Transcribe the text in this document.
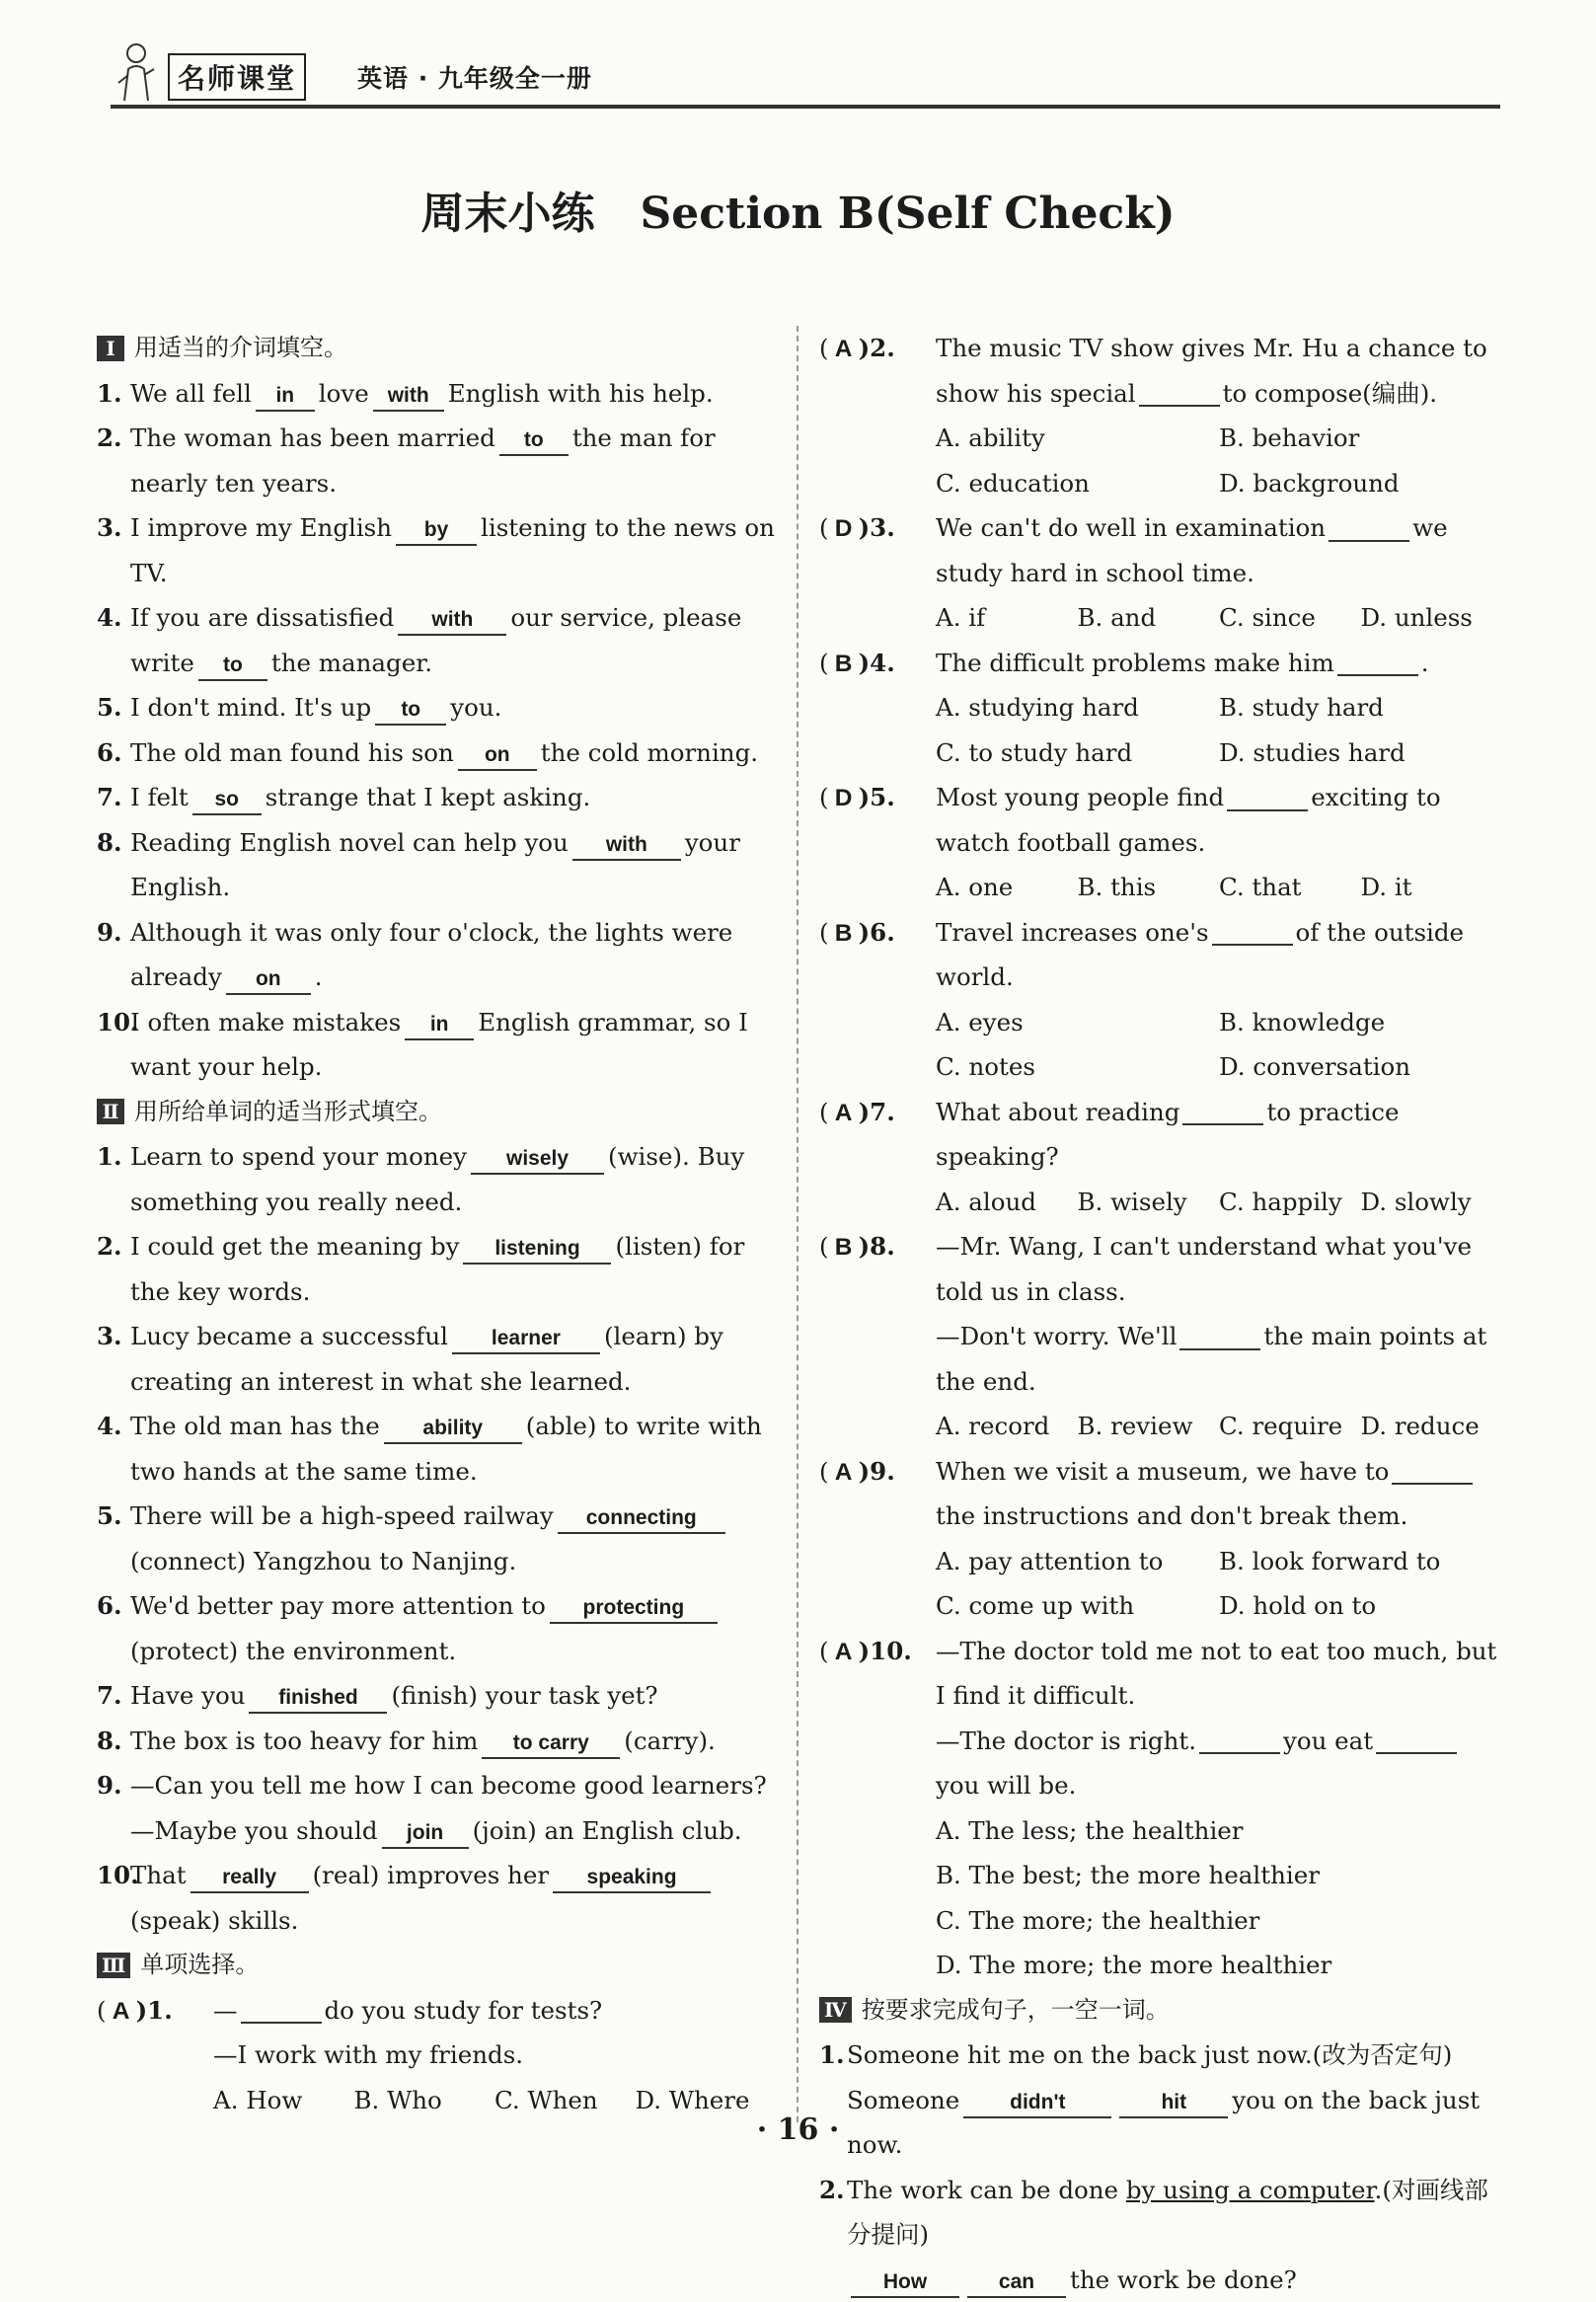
名师课堂	英语 · 九年级全一册
周末小练 Section B(Self Check)
Ⅰ 用适当的介词填空。
1. We all fell in love with English with his help.
2. The woman has been married to the man for nearly ten years.
3. I improve my English by listening to the news on TV.
4. If you are dissatisfied with our service, please write to the manager.
5. I don't mind. It's up to you.
6. The old man found his son on the cold morning.
7. I felt so strange that I kept asking.
8. Reading English novel can help you with your English.
9. Although it was only four o'clock, the lights were already on .
10.
I often make mistakes in English grammar, so I want your help.
Ⅱ 用所给单词的适当形式填空。
1. Learn to spend your money wisely (wise). Buy something you really need.
2. I could get the meaning by listening (listen) for the key words.
3. Lucy became a successful learner (learn) by creating an interest in what she learned.
4. The old man has the ability (able) to write with two hands at the same time.
5. There will be a high-speed railway connecting(connect) Yangzhou to Nanjing.
6. We'd better pay more attention to protecting(protect) the environment.
7. Have you finished (finish) your task yet?
8. The box is too heavy for him to carry (carry).
9. —Can you tell me how I can become good learners? —Maybe you should join (join) an English club.
10.
That really (real) improves her speaking(speak) skills.
Ⅲ 单项选择。
( A )1. —	do you study for tests?
—I work with my friends.
A. How	B. Who	C. When	D. Where
( A )2. The music TV show gives Mr. Hu a chance to show his special	to compose(编曲).
A. ability	B. behavior
C. education	D. background
( D )3. We can't do well in examination	we study hard in school time.
A. if	B. and	C. since	D. unless
( B )4. The difficult problems make him	.
A. studying hard	B. study hard
C. to study hard	D. studies hard
( D )5. Most young people find	exciting to watch football games.
A. one	B. this	C. that	D. it
( B )6. Travel increases one's	of the outside world.
A. eyes	B. knowledge
C. notes	D. conversation
( A )7. What about reading	to practice speaking?
A. aloud	B. wisely	C. happily D. slowly
( B )8. —Mr. Wang, I can't understand what you've told us in class.
—Don't worry. We'll	the main points at the end.
A. record	B. review	C. require D. reduce
( A )9. When we visit a museum, we have tothe instructions and don't break them.
A. pay attention to	B. look forward to
C. come up with	D. hold on to
( A )10. —The doctor told me not to eat too much, but I find it difficult.
—The doctor is right.	you eatyou will be.
A. The less; the healthier
B. The best; the more healthier
C. The more; the healthier
D. The more; the more healthier
Ⅳ 按要求完成句子，一空一词。
1. Someone hit me on the back just now.(改为否定句)
Someone didn't	hit you on the back just now.
2. The work can be done by using a computer.(对画线部分提问)
How	can the work be done?
· 16 ·
